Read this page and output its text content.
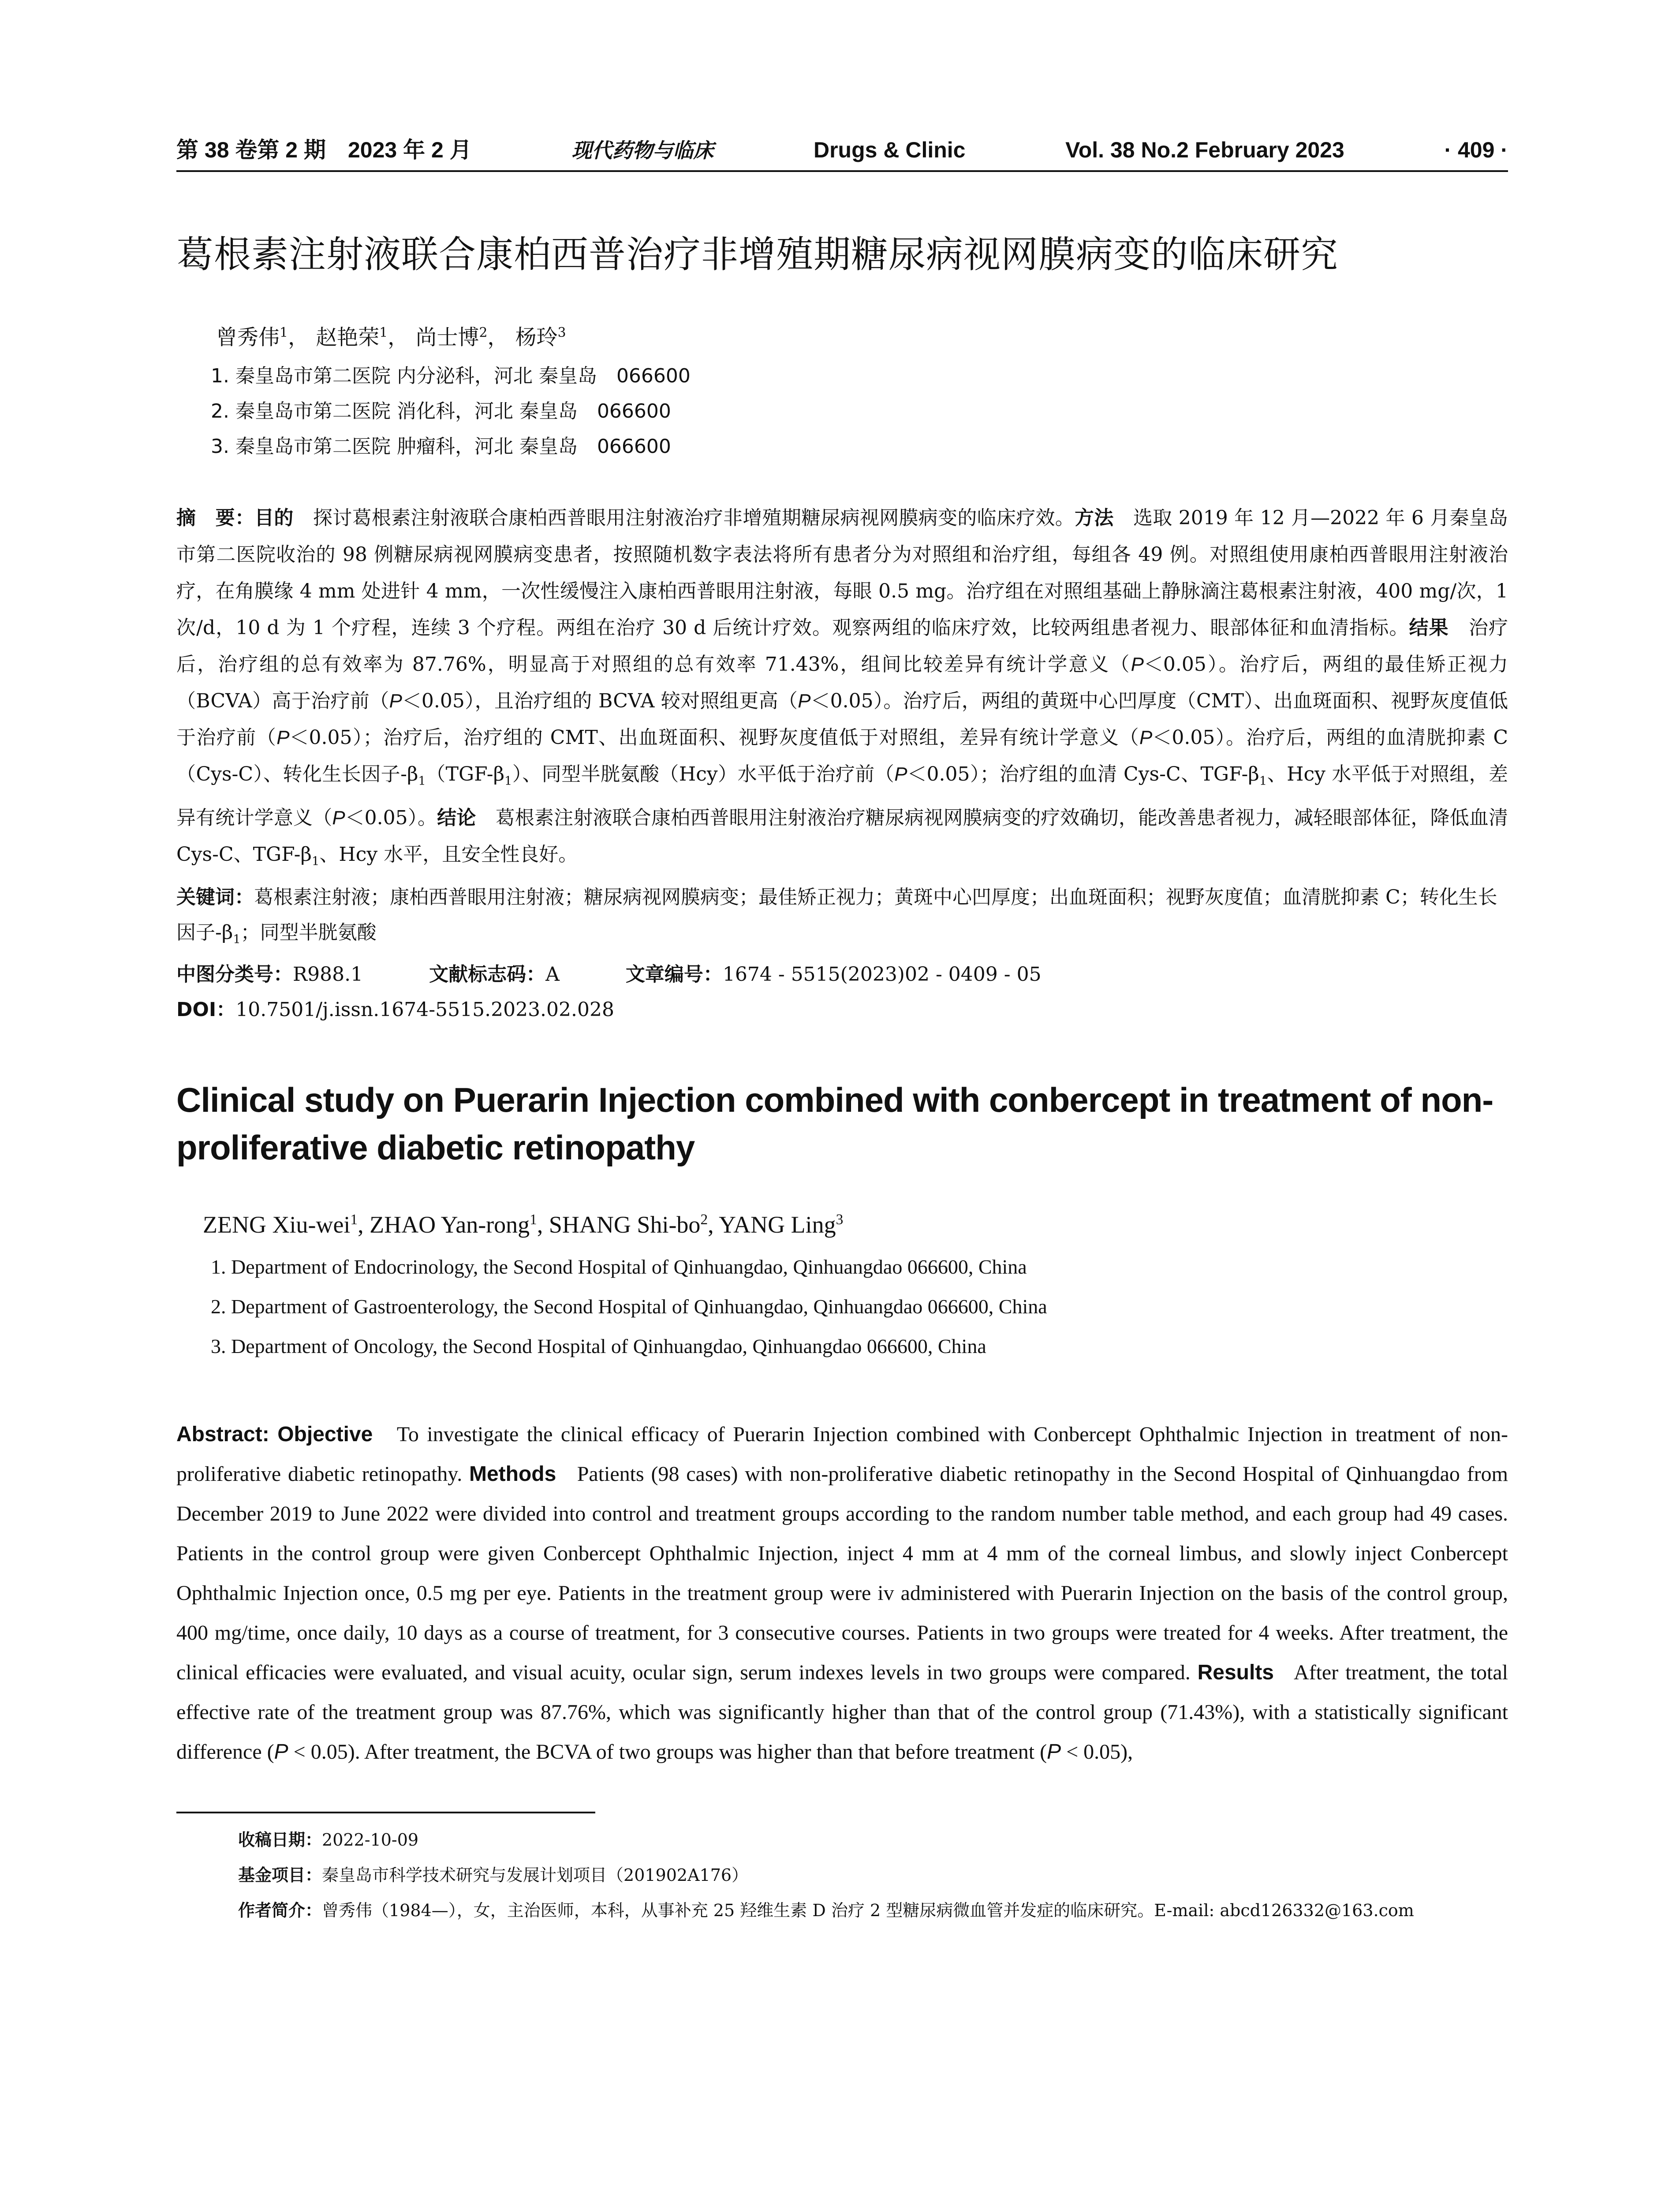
第 38 卷第 2 期　2023 年 2 月	现代药物与临床	Drugs & Clinic	Vol. 38 No.2 February 2023	· 409 ·
葛根素注射液联合康柏西普治疗非增殖期糖尿病视网膜病变的临床研究
曾秀伟$^1$， 赵艳荣$^1$， 尚士博$^2$， 杨玲$^3$
1. 秦皇岛市第二医院 内分泌科，河北 秦皇岛　066600
2. 秦皇岛市第二医院 消化科，河北 秦皇岛　066600
3. 秦皇岛市第二医院 肿瘤科，河北 秦皇岛　066600
摘　要：目的　 探讨葛根素注射液联合康柏西普眼用注射液治疗非增殖期糖尿病视网膜病变的临床疗效。方法　 选取 2019 年 12 月—2022 年 6 月秦皇岛市第二医院收治的 98 例糖尿病视网膜病变患者，按照随机数字表法将所有患者分为对照组和治疗组，每组各 49 例。对照组使用康柏西普眼用注射液治疗，在角膜缘 4 mm 处进针 4 mm，一次性缓慢注入康柏西普眼用注射液，每眼 0.5 mg。治疗组在对照组基础上静脉滴注葛根素注射液，400 mg/次，1 次/d，10 d 为 1 个疗程，连续 3 个疗程。两组在治疗 30 d 后统计疗效。观察两组的临床疗效，比较两组患者视力、眼部体征和血清指标。结果　 治疗后，治疗组的总有效率为 87.76%，明显高于对照组的总有效率 71.43%，组间比较差异有统计学意义（P＜0.05）。治疗后，两组的最佳矫正视力（BCVA）高于治疗前（P＜0.05），且治疗组的 BCVA 较对照组更高（P＜0.05）。治疗后，两组的黄斑中心凹厚度（CMT）、出血斑面积、视野灰度值低于治疗前（P＜0.05）；治疗后，治疗组的 CMT、出血斑面积、视野灰度值低于对照组，差异有统计学意义（P＜0.05）。治疗后，两组的血清胱抑素 C（Cys-C）、转化生长因子$-\beta_1(TGF-\beta_1)$、同型半胱氨酸（Hcy）水平低于治疗前（P＜0.05）；治疗组的血清 Cys-C、TGF-$\beta_1$、Hcy 水平低于对照组，差异有统计学意义（P＜0.05）。结论　 葛根素注射液联合康柏西普眼用注射液治疗糖尿病视网膜病变的疗效确切，能改善患者视力，减轻眼部体征，降低血清 Cys-C、TGF-$\beta_1$、Hcy 水平，且安全性良好。
关键词：葛根素注射液；康柏西普眼用注射液；糖尿病视网膜病变；最佳矫正视力；黄斑中心凹厚度；出血斑面积；视野灰度值；血清胱抑素 C；转化生长因子$-\beta_1$；同型半胱氨酸
中图分类号：R988.1	文献标志码：A	文章编号：1674 - 5515(2023)02 - 0409 - 05
DOI：10.7501/j.issn.1674-5515.2023.02.028
Clinical study on Puerarin Injection combined with conbercept in treatment of non-proliferative diabetic retinopathy
ZENG Xiu-wei$^1$, ZHAO Yan-rong$^1$, SHANG Shi-$bo^2$, YANG Ling$^3$
1. Department of Endocrinology, the Second Hospital of Qinhuangdao, Qinhuangdao 066600, China
2. Department of Gastroenterology, the Second Hospital of Qinhuangdao, Qinhuangdao 066600, China
3. Department of Oncology, the Second Hospital of Qinhuangdao, Qinhuangdao 066600, China
Abstract: Objective To investigate the clinical efficacy of Puerarin Injection combined with Conbercept Ophthalmic Injection in treatment of non-proliferative diabetic retinopathy. Methods Patients (98 cases) with non-proliferative diabetic retinopathy in the Second Hospital of Qinhuangdao from December 2019 to June 2022 were divided into control and treatment groups according to the random number table method, and each group had 49 cases. Patients in the control group were given Conbercept Ophthalmic Injection, inject 4 mm at 4 mm of the corneal limbus, and slowly inject Conbercept Ophthalmic Injection once, 0.5 mg per eye. Patients in the treatment group were iv administered with Puerarin Injection on the basis of the control group, 400 mg/time, once daily, 10 days as a course of treatment, for 3 consecutive courses. Patients in two groups were treated for 4 weeks. After treatment, the clinical efficacies were evaluated, and visual acuity, ocular sign, serum indexes levels in two groups were compared. Results After treatment, the total effective rate of the treatment group was 87.76%, which was significantly higher than that of the control group (71.43%), with a statistically significant difference (P < 0.05). After treatment, the BCVA of two groups was higher than that before treatment (P < 0.05),
收稿日期：2022-10-09
基金项目：秦皇岛市科学技术研究与发展计划项目（201902A176）
作者简介：曾秀伟（1984—），女，主治医师，本科，从事补充 25 羟维生素 D 治疗 2 型糖尿病微血管并发症的临床研究。E-mail: abcd126332@163.com
